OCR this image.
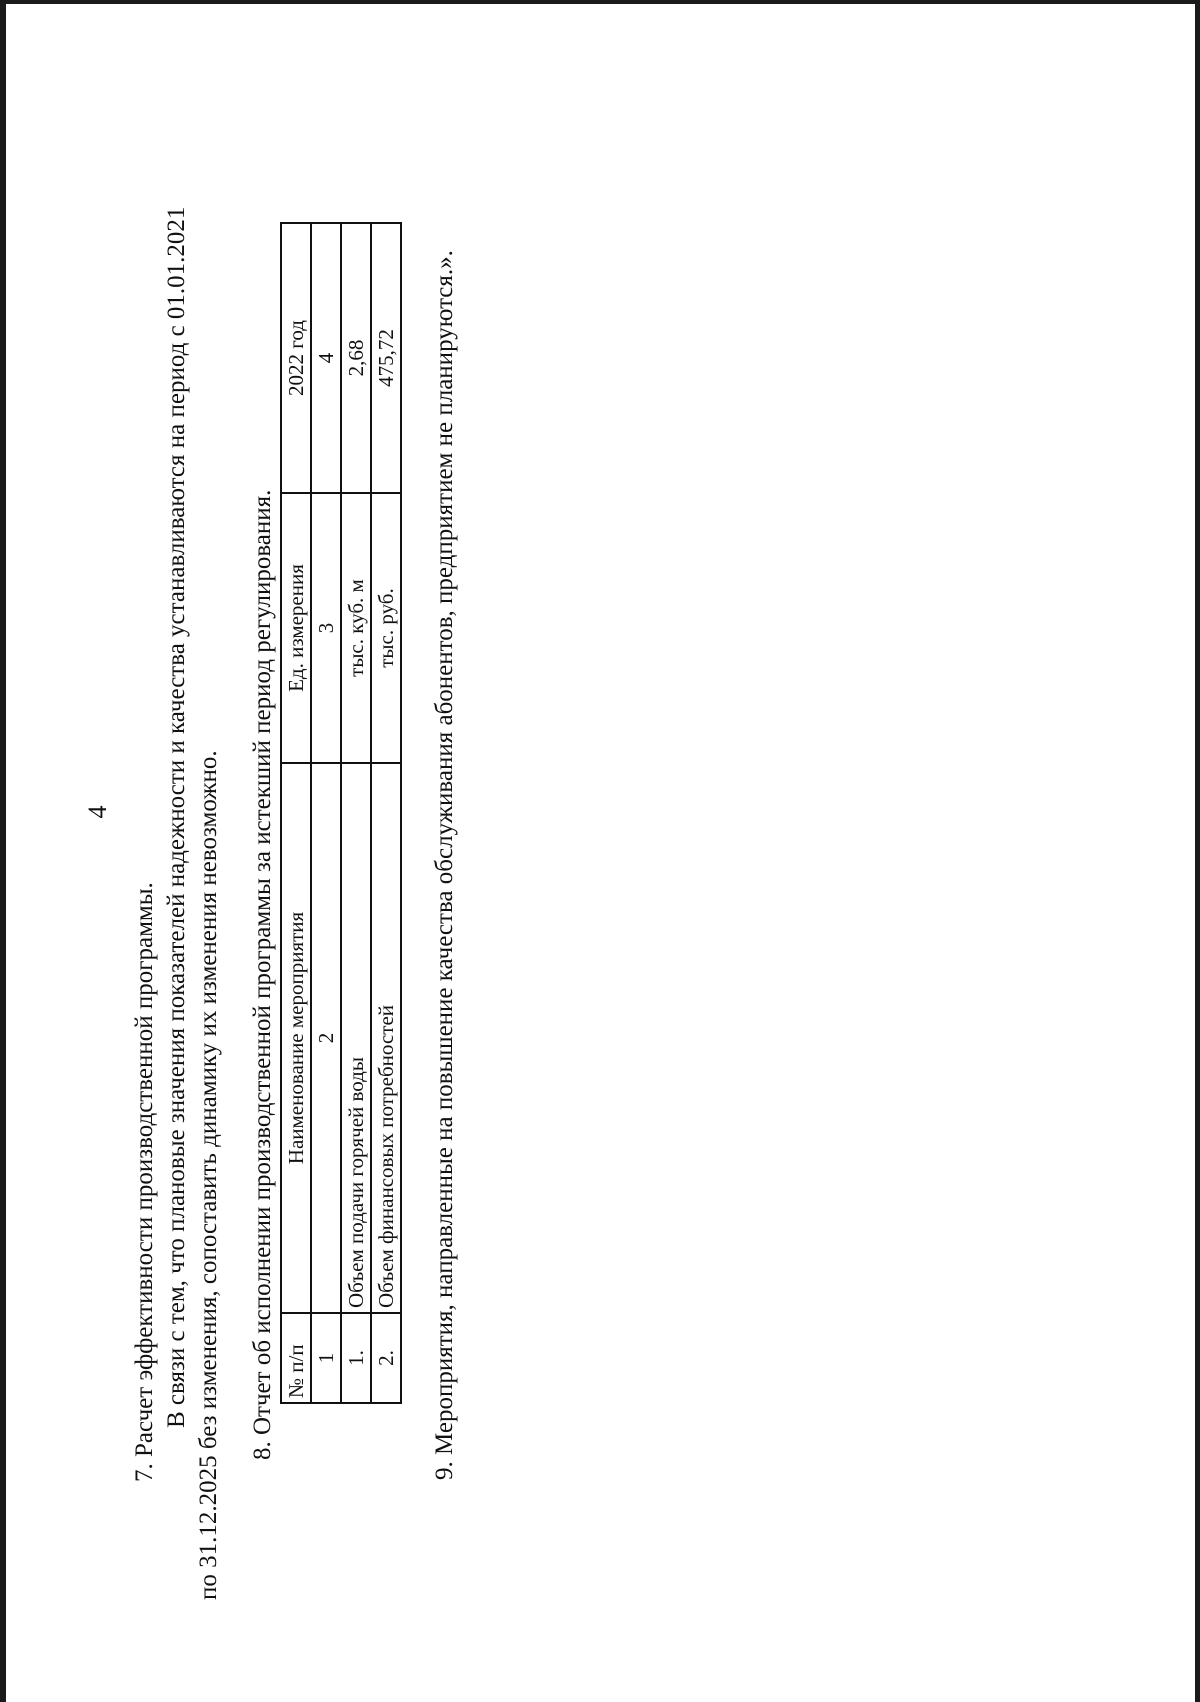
4
7. Расчет эффективности производственной программы. В связи с тем, что плановые значения показателей надежности и качества устанавливаются на период с 01.01.2021 по 31.12.2025 без изменения, сопоставить динамику их изменения невозможно. 8. Отчет об исполнении производственной программы за истекший период регулирования. № п/п	Наименование мероприятия	Ед. измерения	2022 год
1	2	3	4
1.	Объем подачи горячей воды	тыс. куб. м	2,68
2.	Объем финансовых потребностей	тыс. руб.	475,72 9. Мероприятия, направленные на повышение качества обслуживания абонентов, предприятием не планируются.».
